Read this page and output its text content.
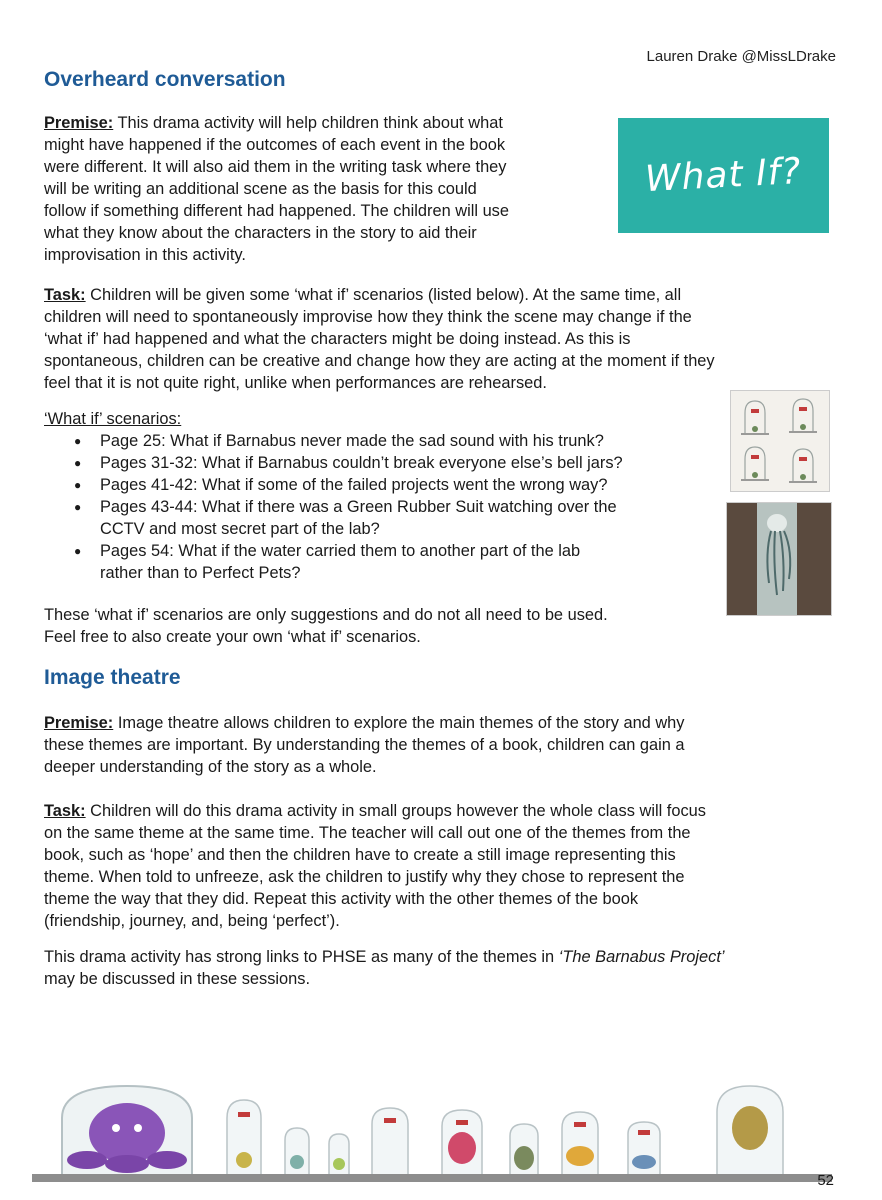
Lauren Drake @MissLDrake
Overheard conversation
Premise: This drama activity will help children think about what
might have happened if the outcomes of each event in the book
were different. It will also aid them in the writing task where they
will be writing an additional scene as the basis for this could
follow if something different had happened. The children will use
what they know about the characters in the story to aid their
improvisation in this activity.
What If?
Task: Children will be given some ‘what if’ scenarios (listed below). At the same time, all
children will need to spontaneously improvise how they think the scene may change if the
‘what if’ had happened and what the characters might be doing instead. As this is
spontaneous, children can be creative and change how they are acting at the moment if they
feel that it is not quite right, unlike when performances are rehearsed.
‘What if’ scenarios:
● Page 25: What if Barnabus never made the sad sound with his trunk?
● Pages 31-32: What if Barnabus couldn’t break everyone else’s bell jars?
● Pages 41-42: What if some of the failed projects went the wrong way?
● Pages 43-44: What if there was a Green Rubber Suit watching over the
CCTV and most secret part of the lab?
● Pages 54: What if the water carried them to another part of the lab
rather than to Perfect Pets?
These ‘what if’ scenarios are only suggestions and do not all need to be used.
Feel free to also create your own ‘what if’ scenarios.
Image theatre
Premise: Image theatre allows children to explore the main themes of the story and why
these themes are important. By understanding the themes of a book, children can gain a
deeper understanding of the story as a whole.
Task: Children will do this drama activity in small groups however the whole class will focus
on the same theme at the same time. The teacher will call out one of the themes from the
book, such as ‘hope’ and then the children have to create a still image representing this
theme. When told to unfreeze, ask the children to justify why they chose to represent the
theme the way that they did. Repeat this activity with the other themes of the book
(friendship, journey, and, being ‘perfect’).
This drama activity has strong links to PHSE as many of the themes in ‘The Barnabus Project’
may be discussed in these sessions.
52
